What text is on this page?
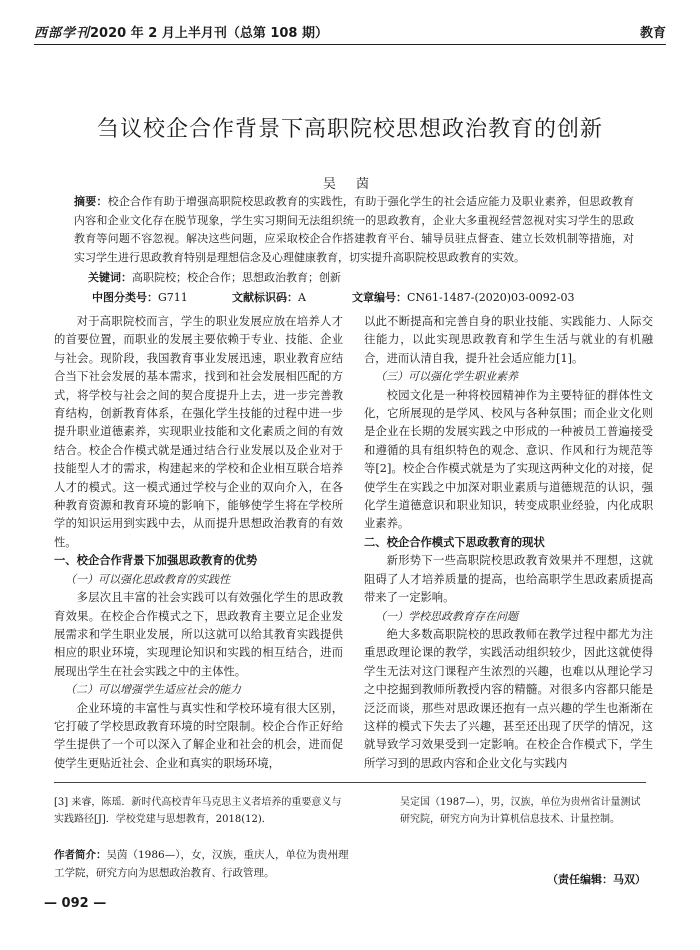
西部学刊2020 年 2 月上半月刊（总第 108 期）	教育
刍议校企合作背景下高职院校思想政治教育的创新
吴 茵
摘要：校企合作有助于增强高职院校思政教育的实践性，有助于强化学生的社会适应能力及职业素养，但思政教育内容和企业文化存在脱节现象，学生实习期间无法组织统一的思政教育，企业大多重视经营忽视对实习学生的思政教育等问题不容忽视。解决这些问题，应采取校企合作搭建教育平台、辅导员驻点督查、建立长效机制等措施，对实习学生进行思政教育特别是理想信念及心理健康教育，切实提升高职院校思政教育的实效。
关键词：高职院校；校企合作；思想政治教育；创新
中图分类号：G711	文献标识码：A	文章编号：CN61-1487-(2020)03-0092-03

对于高职院校而言，学生的职业发展应放在培养人才的首要位置，而职业的发展主要依赖于专业、技能、企业与社会。现阶段，我国教育事业发展迅速，职业教育应结合当下社会发展的基本需求，找到和社会发展相匹配的方式，将学校与社会之间的契合度提升上去，进一步完善教育结构，创新教育体系，在强化学生技能的过程中进一步提升职业道德素养，实现职业技能和文化素质之间的有效结合。校企合作模式就是通过结合行业发展以及企业对于技能型人才的需求，构建起来的学校和企业相互联合培养人才的模式。这一模式通过学校与企业的双向介入，在各种教育资源和教育环境的影响下，能够使学生将在学校所学的知识运用到实践中去，从而提升思想政治教育的有效性。

一、校企合作背景下加强思政教育的优势
（一）可以强化思政教育的实践性

多层次且丰富的社会实践可以有效强化学生的思政教育效果。在校企合作模式之下，思政教育主要立足企业发展需求和学生职业发展，所以这就可以给其教育实践提供相应的职业环境，实现理论知识和实践的相互结合，进而展现出学生在社会实践之中的主体性。

（二）可以增强学生适应社会的能力

企业环境的丰富性与真实性和学校环境有很大区别，它打破了学校思政教育环境的时空限制。校企合作正好给学生提供了一个可以深入了解企业和社会的机会，进而促使学生更贴近社会、企业和真实的职场环境，

以此不断提高和完善自身的职业技能、实践能力、人际交往能力，以此实现思政教育和学生生活与就业的有机融合，进而认清自我，提升社会适应能力[1]。

（三）可以强化学生职业素养

校园文化是一种将校园精神作为主要特征的群体性文化，它所展现的是学风、校风与各种氛围；而企业文化则是企业在长期的发展实践之中形成的一种被员工普遍接受和遵循的具有组织特色的观念、意识、作风和行为规范等等[2]。校企合作模式就是为了实现这两种文化的对接，促使学生在实践之中加深对职业素质与道德规范的认识，强化学生道德意识和职业知识，转变成职业经验，内化成职业素养。

二、校企合作模式下思政教育的现状

新形势下一些高职院校思政教育效果并不理想，这就阻碍了人才培养质量的提高，也给高职学生思政素质提高带来了一定影响。

（一）学校思政教育存在问题

绝大多数高职院校的思政教师在教学过程中都尤为注重思政理论课的教学，实践活动组织较少，因此这就使得学生无法对这门课程产生浓烈的兴趣，也难以从理论学习之中挖掘到教师所教授内容的精髓。对很多内容都只能是泛泛而谈，那些对思政课还抱有一点兴趣的学生也渐渐在这样的模式下失去了兴趣，甚至还出现了厌学的情况，这就导致学习效果受到一定影响。在校企合作模式下，学生所学习到的思政内容和企业文化与实践内

[3] 来睿，陈瑶．新时代高校青年马克思主义者培养的重要意义与实践路径[J]．学校党建与思想教育，2018(12)．
作者简介：吴茵（1986—），女，汉族，重庆人，单位为贵州理工学院，研究方向为思想政治教育、行政管理。
吴定国（1987—），男，汉族，单位为贵州省计量测试研究院，研究方向为计算机信息技术、计量控制。
（责任编辑：马双）
— 092 —
